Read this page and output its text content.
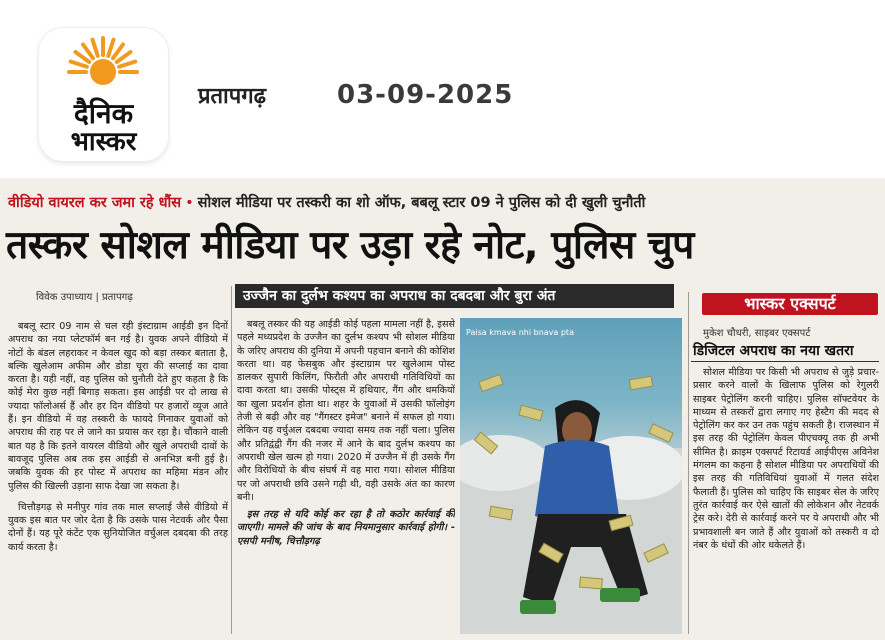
दैनिक
भास्कर
प्रतापगढ़	03-09-2025
वीडियो वायरल कर जमा रहे धौंस • सोशल मीडिया पर तस्करी का शो ऑफ, बबलू स्टार 09 ने पुलिस को दी खुली चुनौती
तस्कर सोशल मीडिया पर उड़ा रहे नोट, पुलिस चुप
विवेक उपाध्याय | प्रतापगढ़	उज्जैन का दुर्लभ कश्यप का अपराध का दबदबा और बुरा अंत

बबलू स्टार 09 नाम से चल रही इंस्टाग्राम आईडी इन दिनों अपराध का नया प्लेटफॉर्म बन गई है। युवक अपने वीडियो में नोटों के बंडल लहराकर न केवल खुद को बड़ा तस्कर बताता है, बल्कि खुलेआम अफीम और डोडा चूरा की सप्लाई का दावा करता है। यही नहीं, वह पुलिस को चुनौती देते हुए कहता है कि कोई मेरा कुछ नहीं बिगाड़ सकता। इस आईडी पर दो लाख से ज्यादा फॉलोअर्स हैं और हर दिन वीडियो पर हजारों व्यूज आते हैं। इन वीडियो में वह तस्करी के फायदे गिनाकर युवाओं को अपराध की राह पर ले जाने का प्रयास कर रहा है। चौंकाने वाली बात यह है कि इतने वायरल वीडियो और खुले अपराधी दावों के बावजूद पुलिस अब तक इस आईडी से अनभिज्ञ बनी हुई है। जबकि युवक की हर पोस्ट में अपराध का महिमा मंडन और पुलिस की खिल्ली उड़ाना साफ देखा जा सकता है।

चित्तौड़गढ़ से मनीपुर गांव तक माल सप्लाई जैसे वीडियो में युवक इस बात पर जोर देता है कि उसके पास नेटवर्क और पैसा दोनों हैं। यह पूरे कंटेंट एक सुनियोजित वर्चुअल दबदबा की तरह कार्य करता है।

बबलू तस्कर की यह आईडी कोई पहला मामला नहीं है, इससे पहले मध्यप्रदेश के उज्जैन का दुर्लभ कश्यप भी सोशल मीडिया के जरिए अपराध की दुनिया में अपनी पहचान बनाने की कोशिश करता था। वह फेसबुक और इंस्टाग्राम पर खुलेआम पोस्ट डालकर सुपारी किलिंग, फिरौती और अपराधी गतिविधियों का दावा करता था। उसकी पोस्ट्स में हथियार, गैंग और धमकियों का खुला प्रदर्शन होता था। शहर के युवाओं में उसकी फॉलोइंग तेजी से बढ़ी और वह "गैंगस्टर इमेज" बनाने में सफल हो गया। लेकिन यह वर्चुअल दबदबा ज्यादा समय तक नहीं चला। पुलिस और प्रतिद्वंद्वी गैंग की नजर में आने के बाद दुर्लभ कश्यप का अपराधी खेल खत्म हो गया। 2020 में उज्जैन में ही उसके गैंग और विरोधियों के बीच संघर्ष में वह मारा गया। सोशल मीडिया पर जो अपराधी छवि उसने गढ़ी थी, वही उसके अंत का कारण बनी।

इस तरह से यदि कोई कर रहा है तो कठोर कार्रवाई की जाएगी। मामले की जांच के बाद नियमानुसार कार्रवाई होगी। - एसपी मनीष, चित्तौड़गढ़

Paisa kmava nhi bnava pta
भास्कर एक्सपर्ट
मुकेश चौधरी, साइबर एक्सपर्ट
डिजिटल अपराध का नया खतरा

सोशल मीडिया पर किसी भी अपराध से जुड़े प्रचार-प्रसार करने वालों के खिलाफ पुलिस को रेगुलरी साइबर पेट्रोलिंग करनी चाहिए। पुलिस सॉफ्टवेयर के माध्यम से तस्करों द्वारा लगाए गए हेस्टैग की मदद से पेट्रोलिंग कर कर उन तक पहुंच सकती है। राजस्थान में इस तरह की पेट्रोलिंग केवल पीएचक्यू तक ही अभी सीमित है। क्राइम एक्सपर्ट रिटायर्ड आईपीएस अविनेश मंगलम का कहना है सोशल मीडिया पर अपराधियों की इस तरह की गतिविधियां युवाओं में गलत संदेश फैलाती हैं। पुलिस को चाहिए कि साइबर सेल के जरिए तुरंत कार्रवाई कर ऐसे खातों की लोकेशन और नेटवर्क ट्रेस करे। देरी से कार्रवाई करने पर ये अपराधी और भी प्रभावशाली बन जाते हैं और युवाओं को तस्करी व दो नंबर के धंधों की ओर धकेलते हैं।
